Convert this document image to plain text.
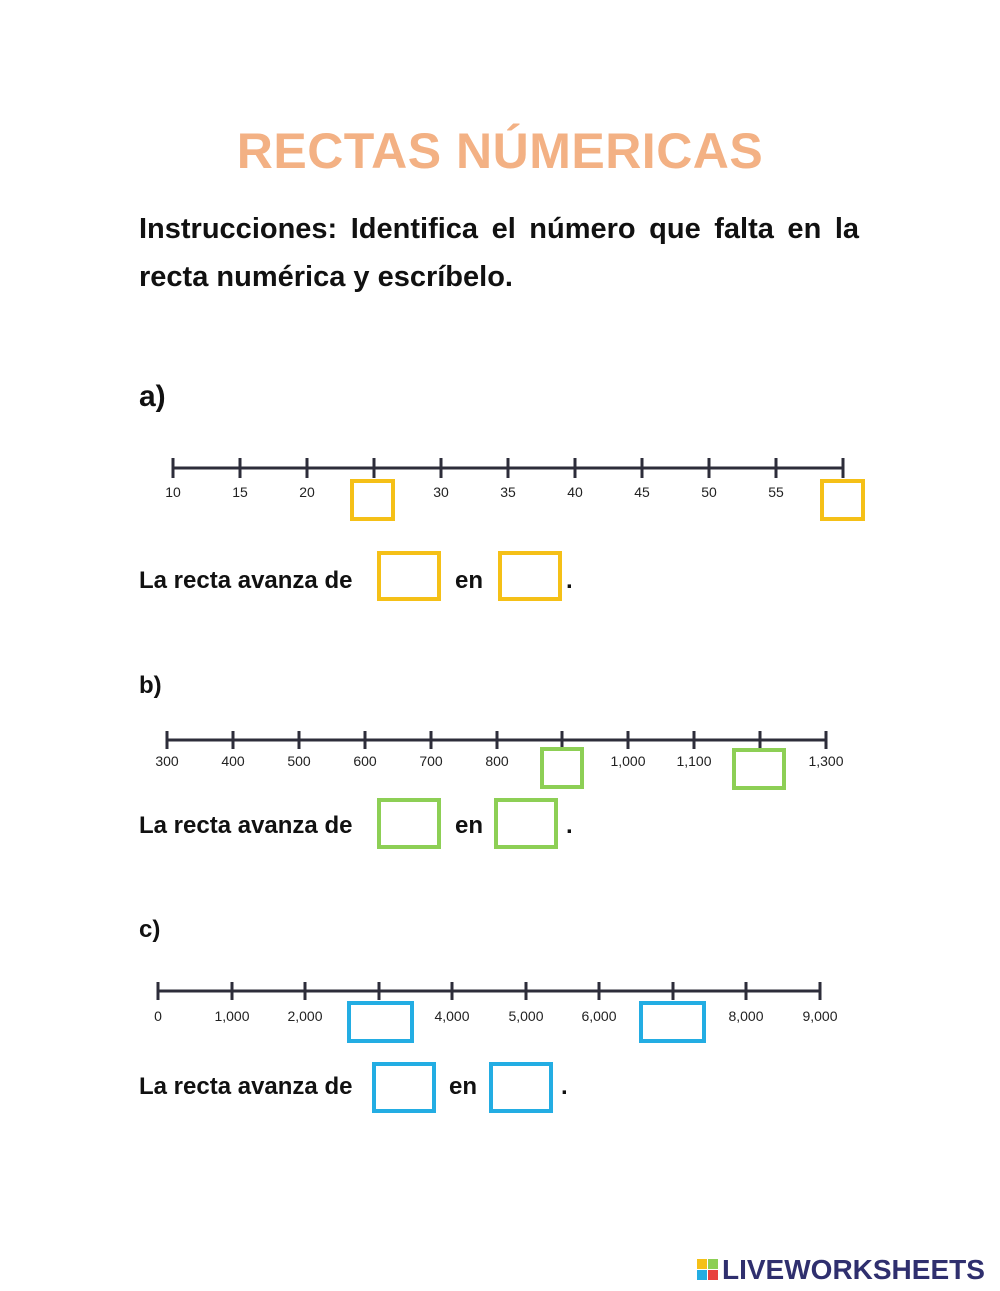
RECTAS NÚMERICAS
Instrucciones: Identifica el número que falta en la recta numérica y escríbelo.
a)
10	15	20	30	35	40	45	50	55
La recta avanza de	en	.
b)
300	400	500	600	700	800	1,000 1,100	1,300
La recta avanza de	en	.
c)
0	1,000	2,000	4,000	5,000	6,000	8,000	9,000
La recta avanza de	en	.
LIVEWORKSHEETS
